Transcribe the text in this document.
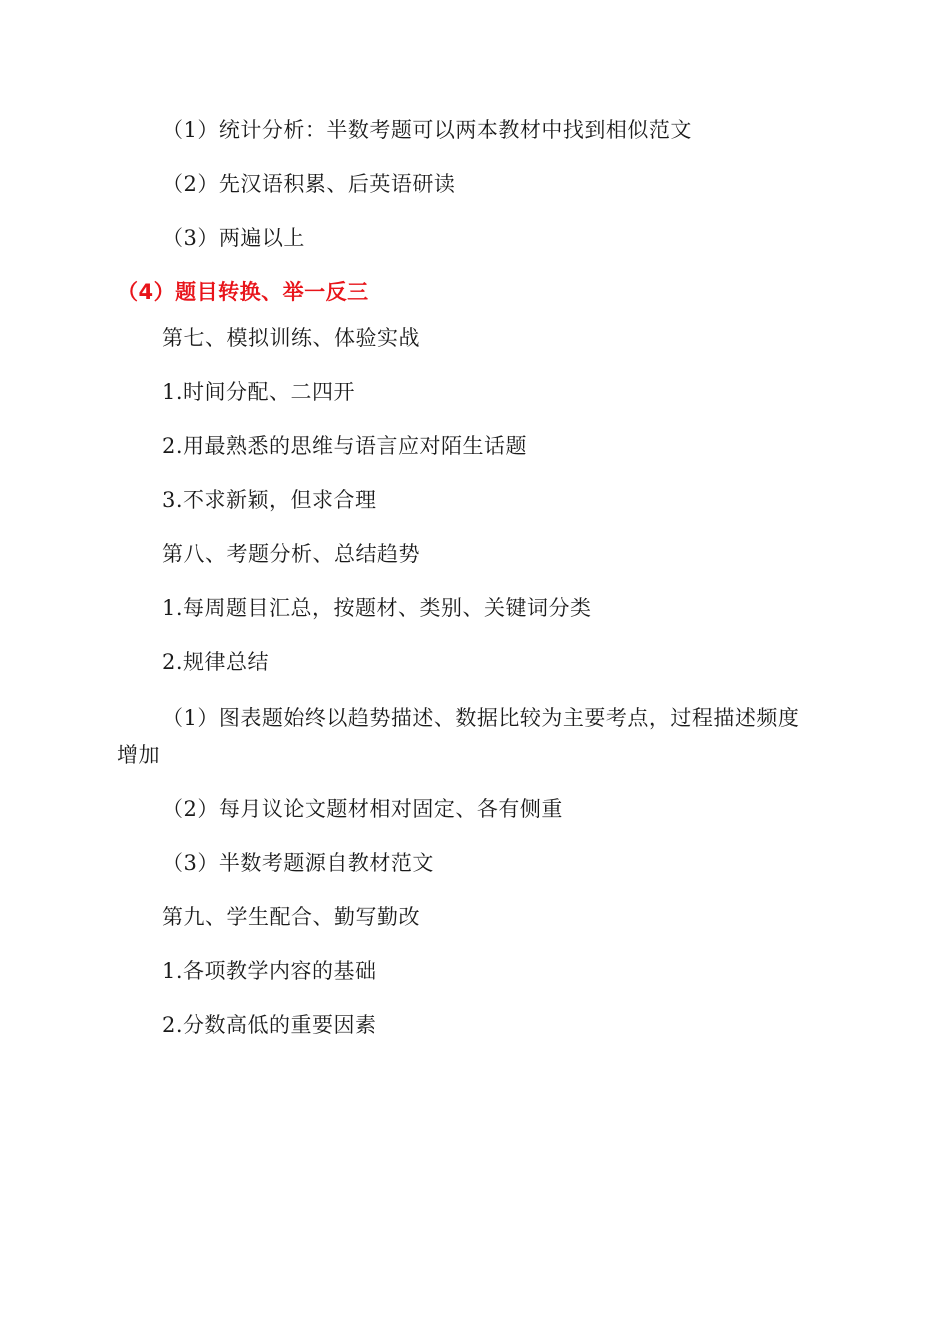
（1）统计分析：半数考题可以两本教材中找到相似范文
（2）先汉语积累、后英语研读
（3）两遍以上
（4）题目转换、举一反三
第七、模拟训练、体验实战
1.时间分配、二四开
2.用最熟悉的思维与语言应对陌生话题
3.不求新颖，但求合理
第八、考题分析、总结趋势
1.每周题目汇总，按题材、类别、关键词分类
2.规律总结
（1）图表题始终以趋势描述、数据比较为主要考点，过程描述频度
增加
（2）每月议论文题材相对固定、各有侧重
（3）半数考题源自教材范文
第九、学生配合、勤写勤改
1.各项教学内容的基础
2.分数高低的重要因素
